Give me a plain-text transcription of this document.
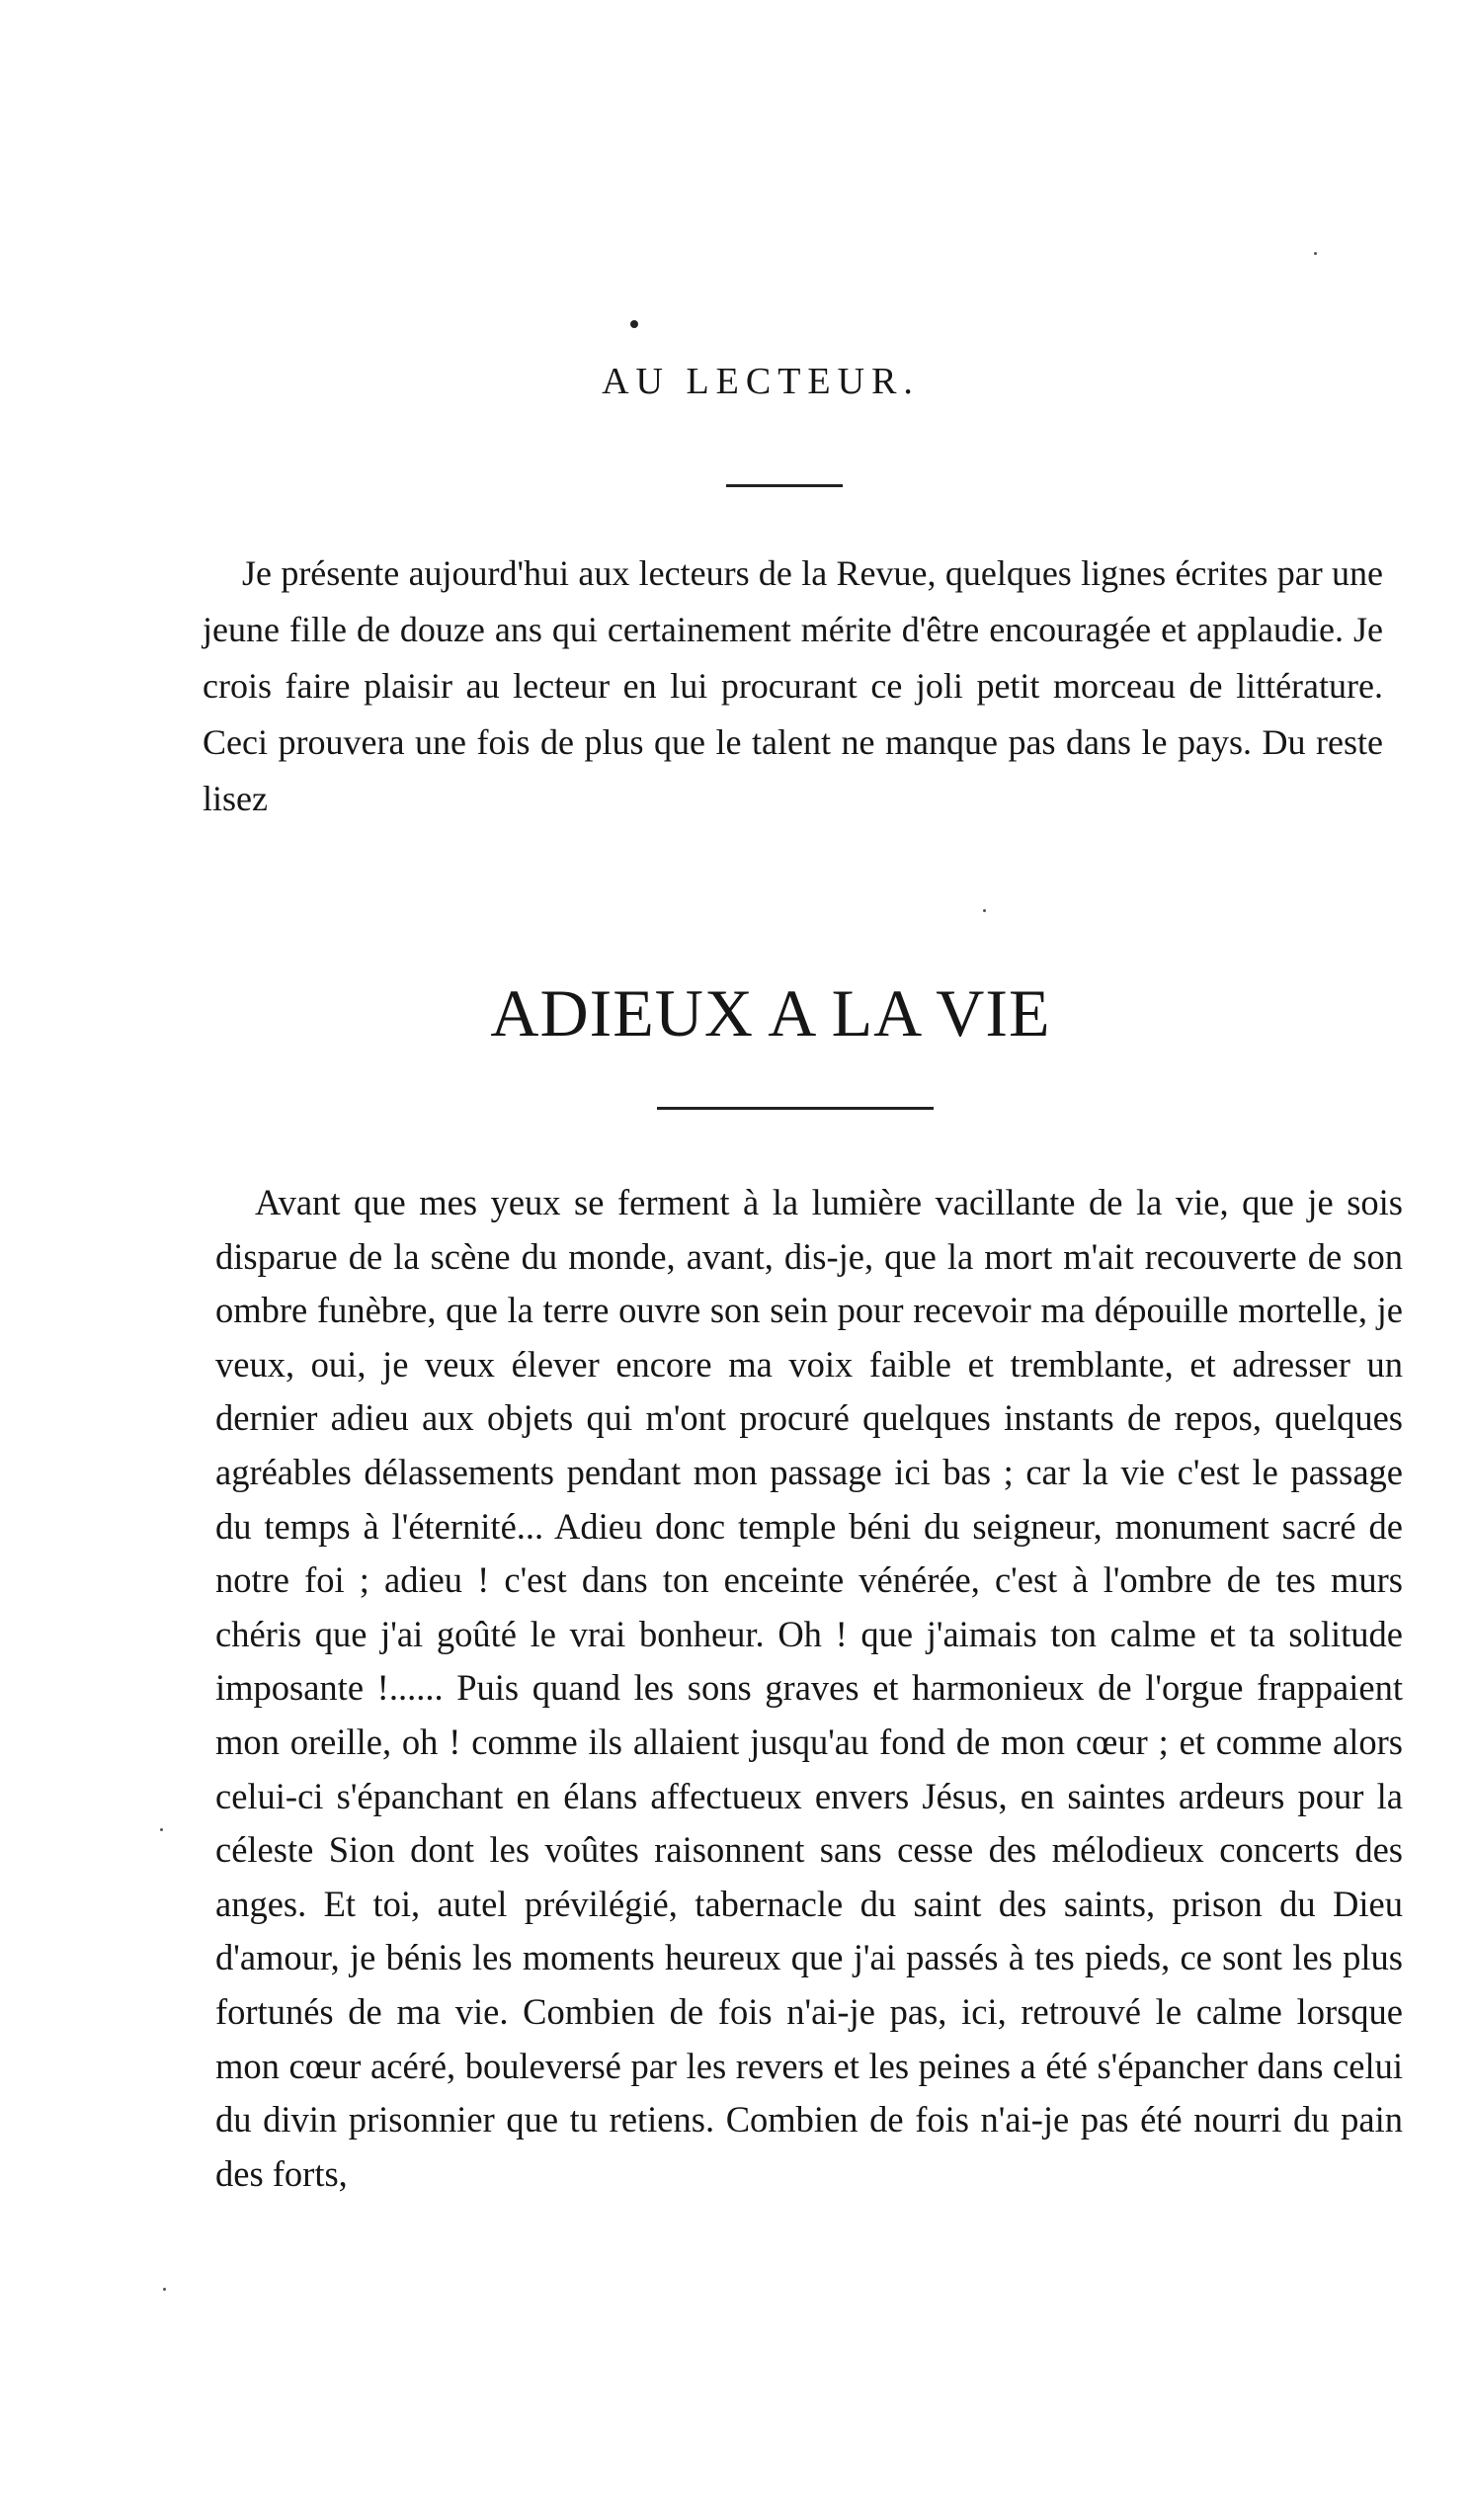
AU LECTEUR.

Je présente aujourd'hui aux lecteurs de la Revue, quelques lignes écrites par une jeune fille de douze ans qui certainement mérite d'être encouragée et applaudie. Je crois faire plaisir au lecteur en lui procurant ce joli petit morceau de littérature. Ceci prouvera une fois de plus que le talent ne manque pas dans le pays. Du reste lisez

ADIEUX A LA VIE

Avant que mes yeux se ferment à la lumière vacillante de la vie, que je sois disparue de la scène du monde, avant, dis-je, que la mort m'ait recouverte de son ombre funèbre, que la terre ouvre son sein pour recevoir ma dépouille mortelle, je veux, oui, je veux élever encore ma voix faible et tremblante, et adresser un dernier adieu aux objets qui m'ont procuré quelques instants de repos, quelques agréables délassements pendant mon passage ici bas ; car la vie c'est le passage du temps à l'éternité... Adieu donc temple béni du seigneur, monument sacré de notre foi ; adieu ! c'est dans ton enceinte vénérée, c'est à l'ombre de tes murs chéris que j'ai goûté le vrai bonheur. Oh ! que j'aimais ton calme et ta solitude imposante !...... Puis quand les sons graves et harmonieux de l'orgue frappaient mon oreille, oh ! comme ils allaient jusqu'au fond de mon cœur ; et comme alors celui-ci s'épanchant en élans affectueux envers Jésus, en saintes ardeurs pour la céleste Sion dont les voûtes raisonnent sans cesse des mélodieux concerts des anges. Et toi, autel prévilégié, tabernacle du saint des saints, prison du Dieu d'amour, je bénis les moments heureux que j'ai passés à tes pieds, ce sont les plus fortunés de ma vie. Combien de fois n'ai-je pas, ici, retrouvé le calme lorsque mon cœur acéré, bouleversé par les revers et les peines a été s'épancher dans celui du divin prisonnier que tu retiens. Combien de fois n'ai-je pas été nourri du pain des forts,
